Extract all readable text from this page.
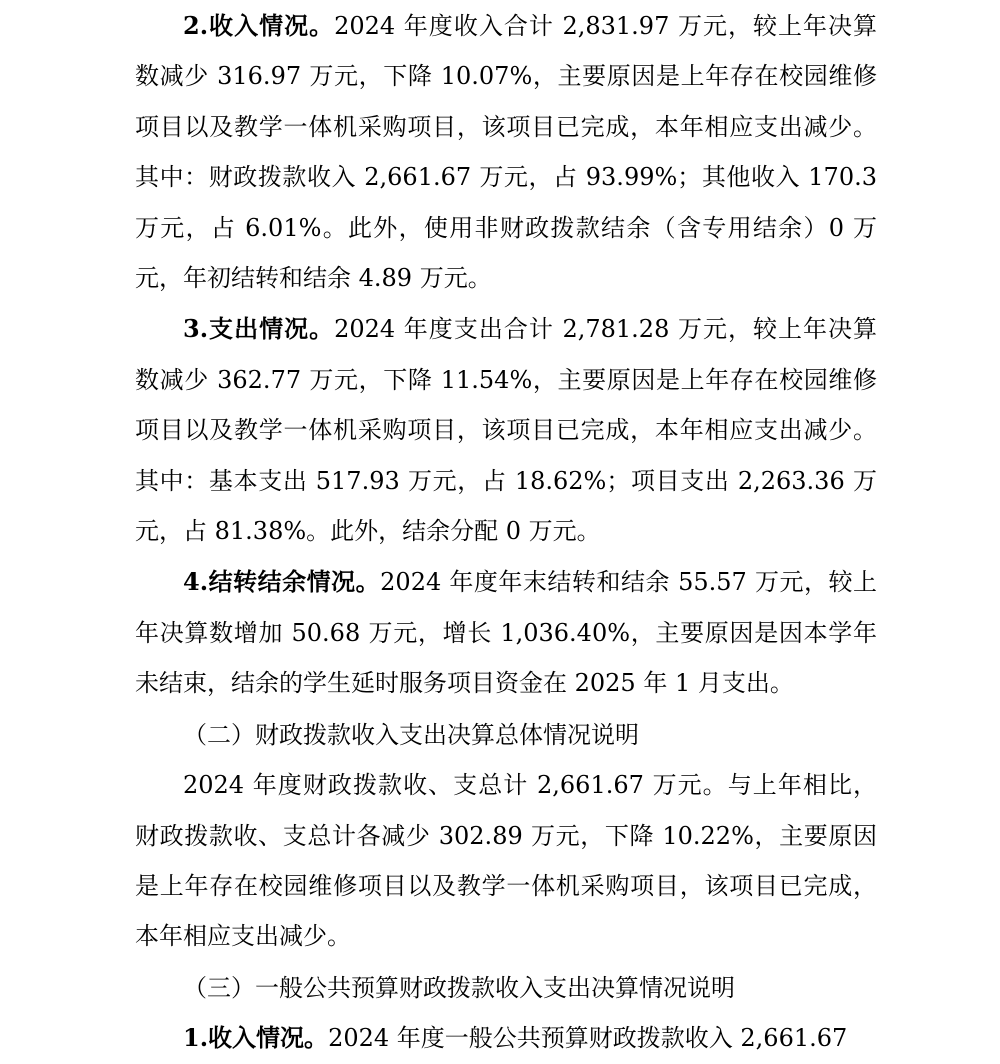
2.收入情况。2024 年度收入合计 2,831.97 万元，较上年决算数减少 316.97 万元，下降 10.07%，主要原因是上年存在校园维修项目以及教学一体机采购项目，该项目已完成，本年相应支出减少。其中：财政拨款收入 2,661.67 万元，占 93.99%；其他收入 170.3 万元，占 6.01%。此外，使用非财政拨款结余（含专用结余）0 万元，年初结转和结余 4.89 万元。

3.支出情况。2024 年度支出合计 2,781.28 万元，较上年决算数减少 362.77 万元，下降 11.54%，主要原因是上年存在校园维修项目以及教学一体机采购项目，该项目已完成，本年相应支出减少。其中：基本支出 517.93 万元，占 18.62%；项目支出 2,263.36 万元，占 81.38%。此外，结余分配 0 万元。

4.结转结余情况。2024 年度年末结转和结余 55.57 万元，较上年决算数增加 50.68 万元，增长 1,036.40%，主要原因是因本学年未结束，结余的学生延时服务项目资金在 2025 年 1 月支出。

（二）财政拨款收入支出决算总体情况说明

2024 年度财政拨款收、支总计 2,661.67 万元。与上年相比，财政拨款收、支总计各减少 302.89 万元，下降 10.22%，主要原因是上年存在校园维修项目以及教学一体机采购项目，该项目已完成，本年相应支出减少。

（三）一般公共预算财政拨款收入支出决算情况说明

1.收入情况。2024 年度一般公共预算财政拨款收入 2,661.67
